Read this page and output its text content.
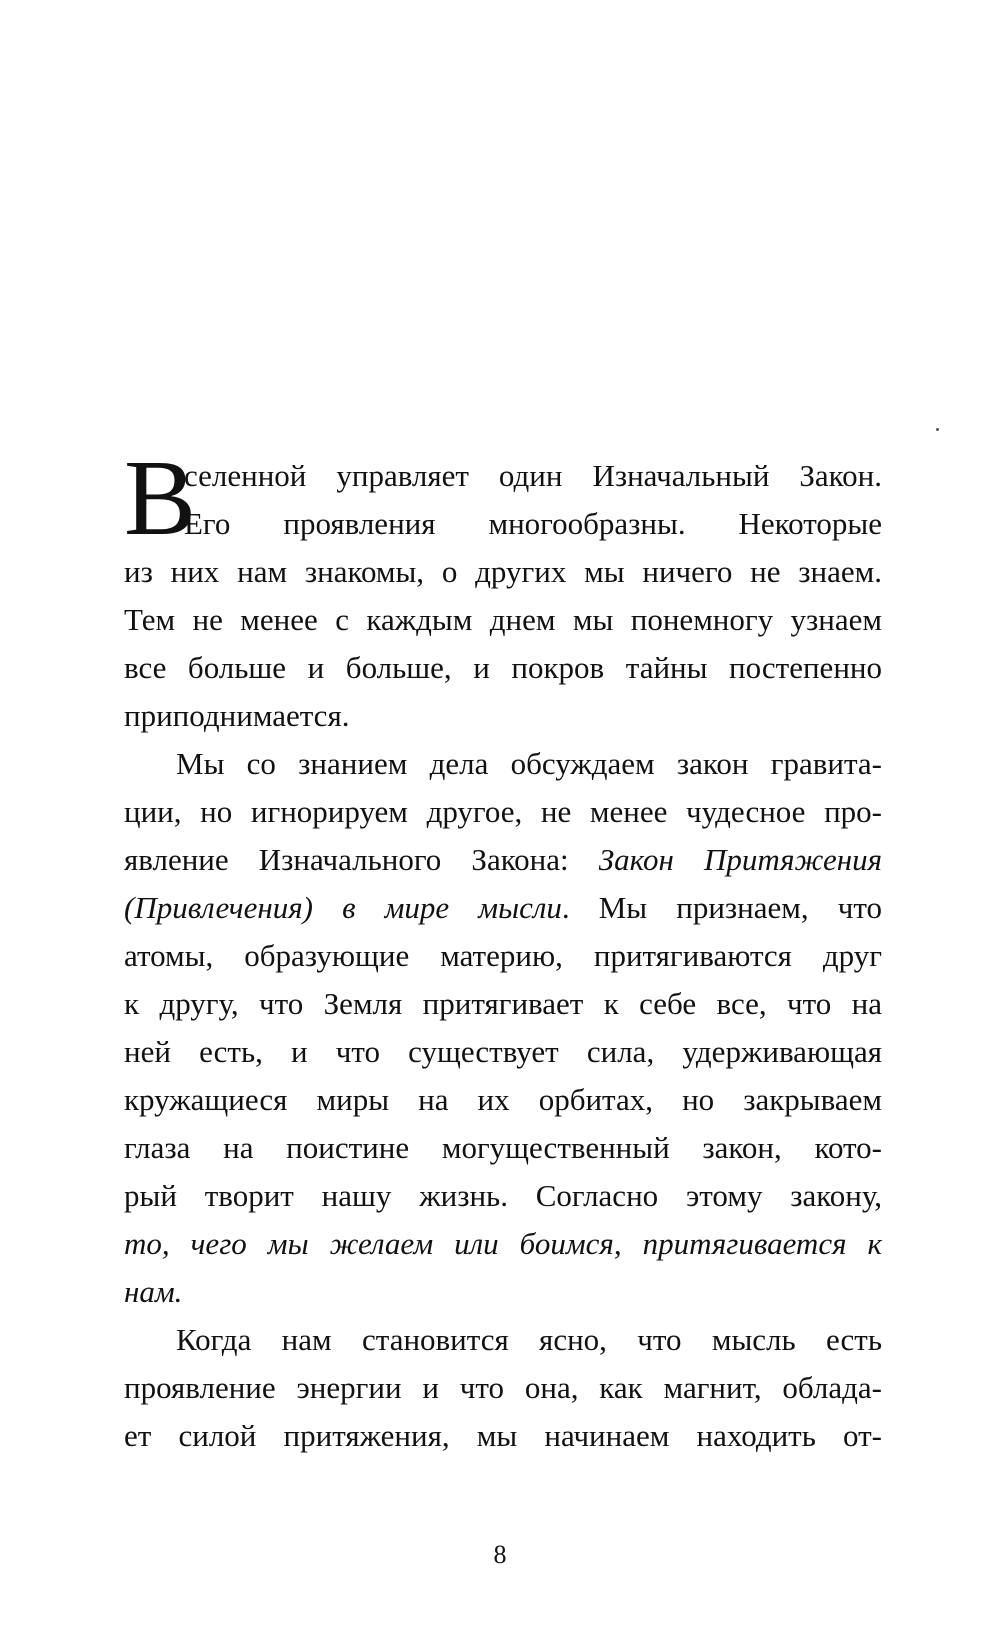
В
селенной управляет один Изначальный Закон.
Его проявления многообразны. Некоторые
из них нам знакомы, о других мы ничего не знаем.
Тем не менее с каждым днем мы понемногу узнаем
все больше и больше, и покров тайны постепенно
приподнимается.
Мы со знанием дела обсуждаем закон гравита-
ции, но игнорируем другое, не менее чудесное про-
явление Изначального Закона: Закон Притяжения
(Привлечения) в мире мысли. Мы признаем, что
атомы, образующие материю, притягиваются друг
к другу, что Земля притягивает к себе все, что на
ней есть, и что существует сила, удерживающая
кружащиеся миры на их орбитах, но закрываем
глаза на поистине могущественный закон, кото-
рый творит нашу жизнь. Согласно этому закону,
то, чего мы желаем или боимся, притягивается к
нам.
Когда нам становится ясно, что мысль есть
проявление энергии и что она, как магнит, облада-
ет силой притяжения, мы начинаем находить от-
8
